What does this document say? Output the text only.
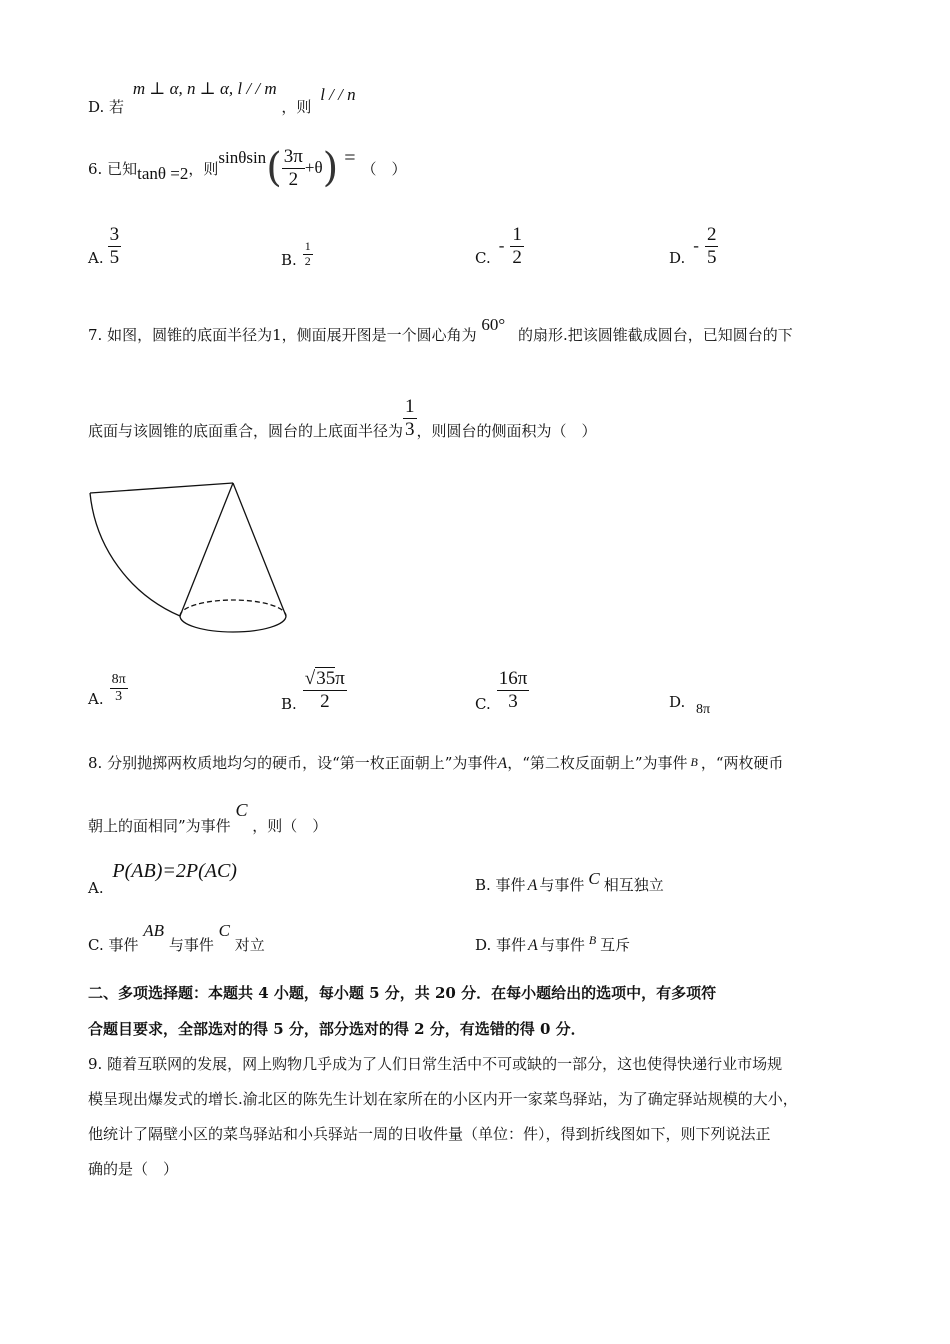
D. 若 m ⊥ α, n ⊥ α, l / / m ，则 l / / n
6. 已知 tanθ =2 ，则
sinθsin ( $\frac{3\pi}{2} +\theta$ ) = （　）
A. $\frac{3}{5}$	B. $\frac{1}{2}$	C.
- $\frac{1}{2}$	D.
- $\frac{2}{5}$
7. 如图，圆锥的底面半径为1，侧面展开图是一个圆心角为 60° 的扇形.把该圆锥截成圆台，已知圆台的下
底面与该圆锥的底面重合，圆台的上底面半径为 $\frac{1}{3}$ ，则圆台的侧面积为（　）
A. $\frac{8\pi}{3}$	B. $\frac{√35\pi}{2}$	C. $\frac{16\pi}{3}$	D. 8π
8. 分别抛掷两枚质地均匀的硬币，设“第一枚正面朝上”为事件A，“第二枚反面朝上”为事件 B ，“两枚硬币
朝上的面相同”为事件 C ，则（　）
A. P(AB)=2P(AC)
B. 事件 A 与事件 C 相互独立
C. 事件 AB 与事件 C 对立	D. 事件 A 与事件 B 互斥
二、多项选择题：本题共 4 小题，每小题 5 分，共 20 分．在每小题给出的选项中，有多项符
合题目要求，全部选对的得 5 分，部分选对的得 2 分，有选错的得 0 分．
9. 随着互联网的发展，网上购物几乎成为了人们日常生活中不可或缺的一部分，这也使得快递行业市场规
模呈现出爆发式的增长.渝北区的陈先生计划在家所在的小区内开一家菜鸟驿站，为了确定驿站规模的大小，
他统计了隔壁小区的菜鸟驿站和小兵驿站一周的日收件量（单位：件），得到折线图如下，则下列说法正
确的是（　）
